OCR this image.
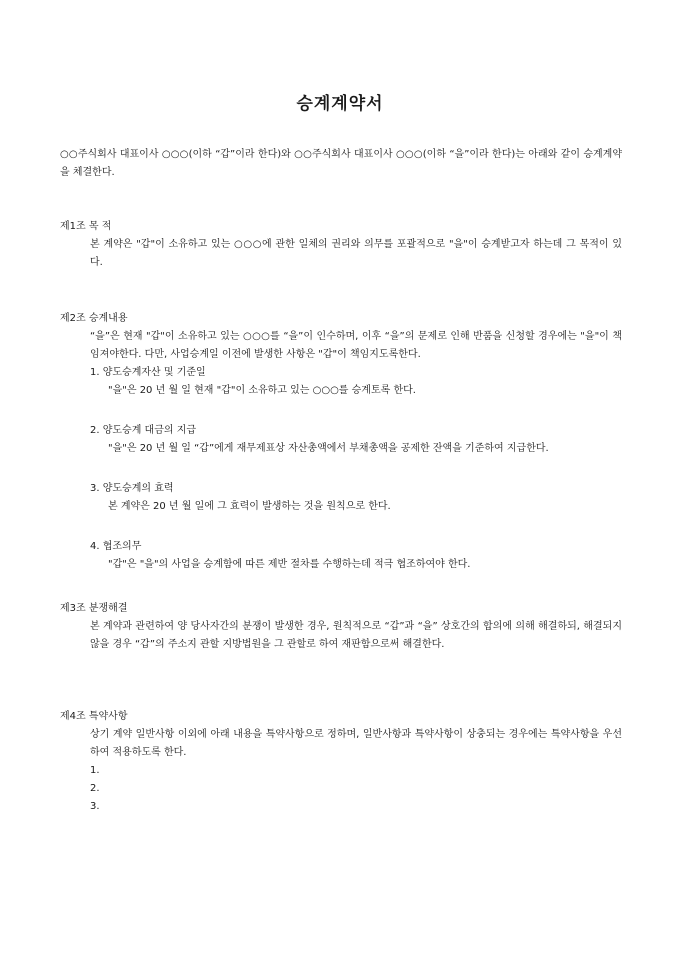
승계계약서

○○주식회사 대표이사 ○○○(이하 “갑”이라 한다)와 ○○주식회사 대표이사 ○○○(이하 “을”이라 한다)는 아래와 같이 승계계약을 체결한다.

제1조 목 적

본 계약은 "갑"이 소유하고 있는 ○○○에 관한 일체의 권리와 의무를 포괄적으로 "을"이 승계받고자 하는데 그 목적이 있다.

제2조 승계내용

“을”은 현재 "갑"이 소유하고 있는 ○○○를 “을”이 인수하며, 이후 “을”의 문제로 인해 반품을 신청할 경우에는 "을"이 책임져야한다. 다만, 사업승계일 이전에 발생한 사항은 "갑"이 책임지도록한다.

1. 양도승계자산 및 기준일

"을"은 20 년 월 일 현재 "갑"이 소유하고 있는 ○○○를 승계토록 한다.

2. 양도승계 대금의 지급

"을"은 20 년 월 일 “갑”에게 재무제표상 자산총액에서 부채총액을 공제한 잔액을 기준하여 지급한다.

3. 양도승계의 효력

본 계약은 20 년 월 일에 그 효력이 발생하는 것을 원칙으로 한다.

4. 협조의무

"갑"은 "을"의 사업을 승계함에 따른 제반 절차를 수행하는데 적극 협조하여야 한다.

제3조 분쟁해결

본 계약과 관련하여 양 당사자간의 분쟁이 발생한 경우, 원칙적으로 “갑”과 “을” 상호간의 합의에 의해 해결하되, 해결되지 않을 경우 “갑”의 주소지 관할 지방법원을 그 관할로 하여 재판함으로써 해결한다.

제4조 특약사항

상기 계약 일반사항 이외에 아래 내용을 특약사항으로 정하며, 일반사항과 특약사항이 상충되는 경우에는 특약사항을 우선하여 적용하도록 한다.

1.

2.

3.
